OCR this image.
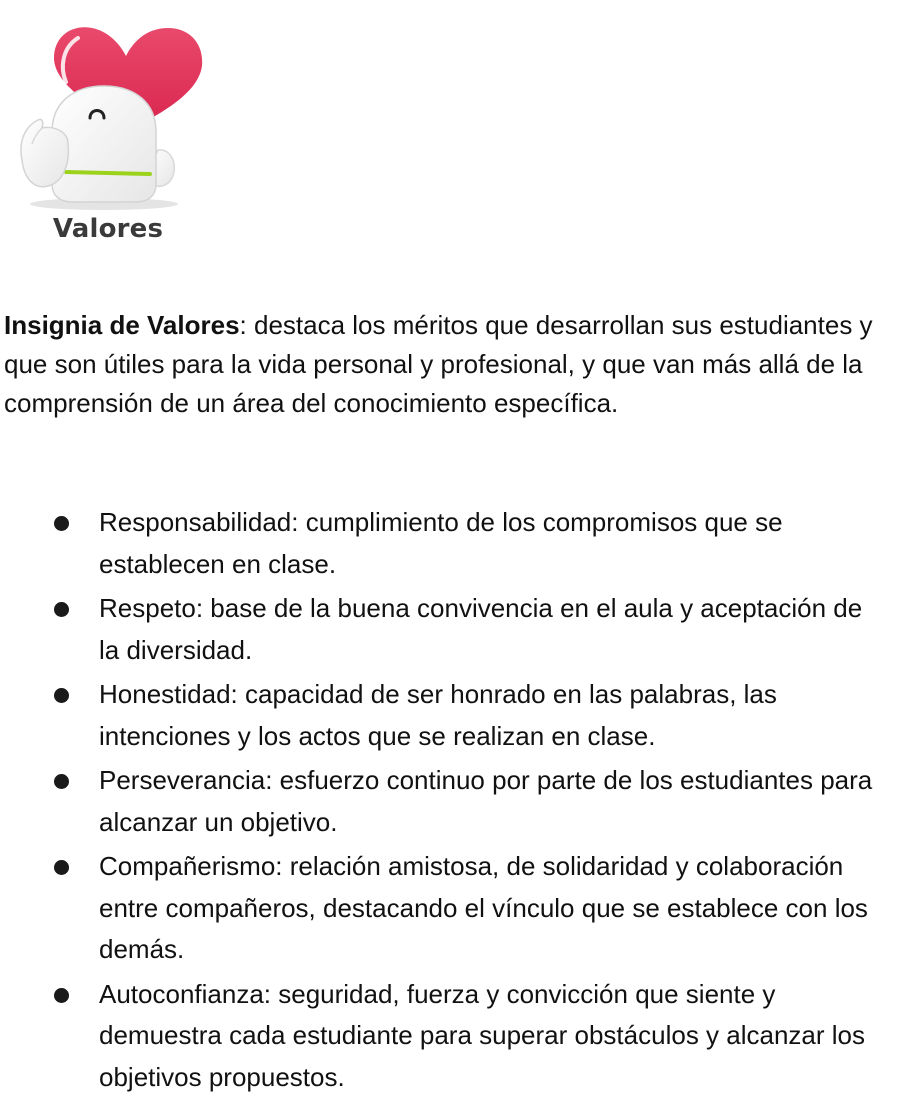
Valores

Insignia de Valores: destaca los méritos que desarrollan sus estudiantes y que son útiles para la vida personal y profesional, y que van más allá de la comprensión de un área del conocimiento específica.

Responsabilidad: cumplimiento de los compromisos que se establecen en clase.
Respeto: base de la buena convivencia en el aula y aceptación de la diversidad.
Honestidad: capacidad de ser honrado en las palabras, las intenciones y los actos que se realizan en clase.
Perseverancia: esfuerzo continuo por parte de los estudiantes para alcanzar un objetivo.
Compañerismo: relación amistosa, de solidaridad y colaboración entre compañeros, destacando el vínculo que se establece con los demás.
Autoconfianza: seguridad, fuerza y convicción que siente y demuestra cada estudiante para superar obstáculos y alcanzar los objetivos propuestos.
